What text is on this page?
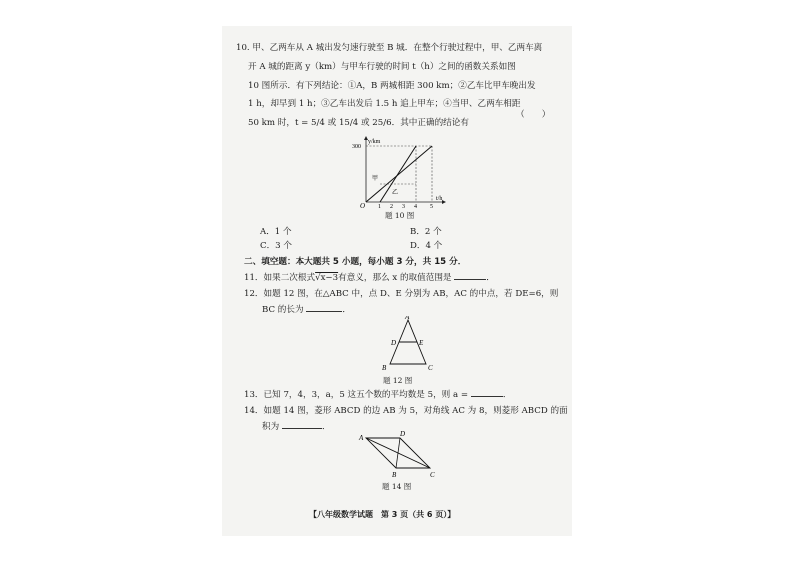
10. 甲、乙两车从 A 城出发匀速行驶至 B 城．在整个行驶过程中，甲、乙两车离
开 A 城的距离 y（km）与甲车行驶的时间 t（h）之间的函数关系如图
10 图所示．有下列结论：①A，B 两城相距 300 km；②乙车比甲车晚出发
1 h，却早到 1 h；③乙车出发后 1.5 h 追上甲车；④当甲、乙两车相距
50 km 时，t = 5/4 或 15/4 或 25/6．其中正确的结论有
（　　）
y/km
300
t/h
O 1 2 3 4 5
甲
乙
题 10 图
A．1 个	B．2 个
C．3 个	D．4 个
二、填空题：本大题共 5 小题，每小题 3 分，共 15 分．
11．如果二次根式√x−3有意义，那么 x 的取值范围是	．
12．如题 12 图，在△ABC 中，点 D、E 分别为 AB，AC 的中点，若 DE=6，则
BC 的长为	．
A
B	C
D	E
题 12 图
13．已知 7，4，3，a，5 这五个数的平均数是 5，则 a =	．
14．如题 14 图，菱形 ABCD 的边 AB 为 5，对角线 AC 为 8，则菱形 ABCD 的面
积为	．
A	D
B	C
题 14 图
【八年级数学试题　第 3 页（共 6 页）】
